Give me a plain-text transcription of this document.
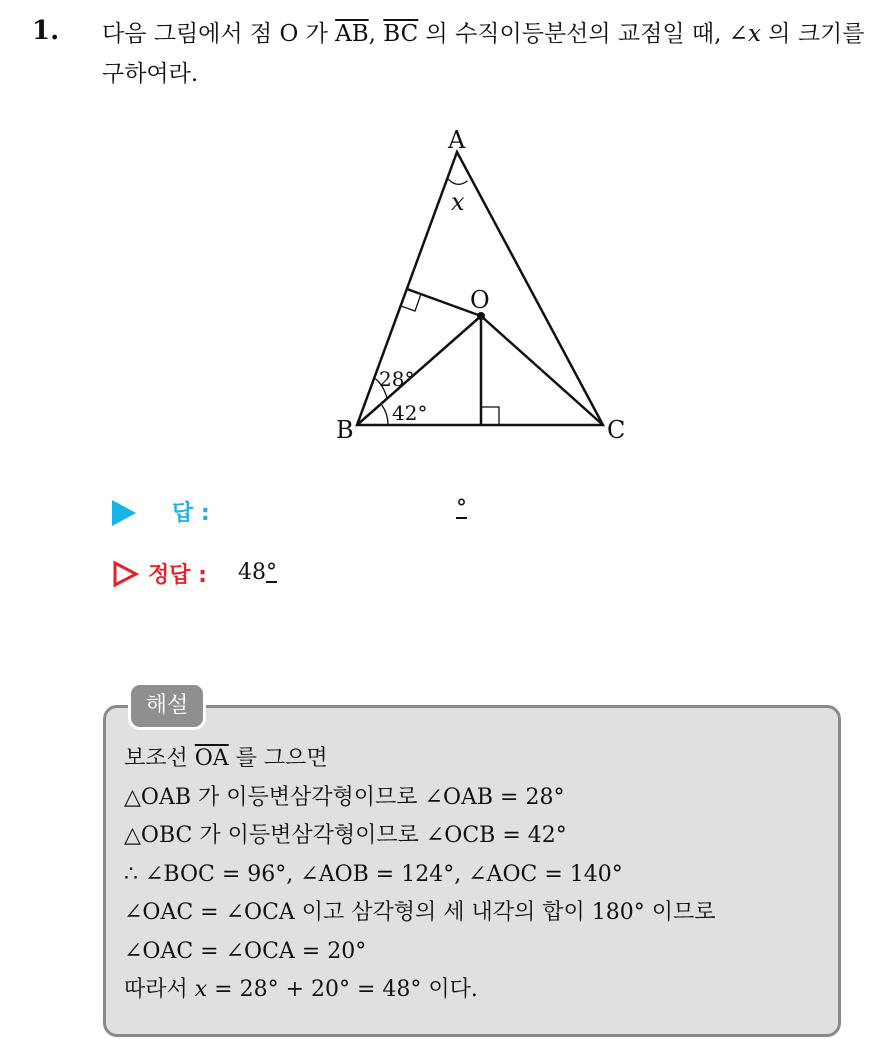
1. 다음 그림에서 점 O 가 $\overline{AB}$, $\overline{BC}$ 의 수직이등분선의 교점일 때, ∠x 의 크기를 구하여라.
A
B	C
O
x
28°
42°
답 :	°
정답 : 48°
해설
보조선 $\overline{OA}$ 를 그으면
△OAB 가 이등변삼각형이므로 ∠OAB = 28°
△OBC 가 이등변삼각형이므로 ∠OCB = 42°
∴ ∠BOC = 96°, ∠AOB = 124°, ∠AOC = 140°
∠OAC = ∠OCA 이고 삼각형의 세 내각의 합이 180° 이므로
∠OAC = ∠OCA = 20°
따라서 x = 28° + 20° = 48° 이다.
